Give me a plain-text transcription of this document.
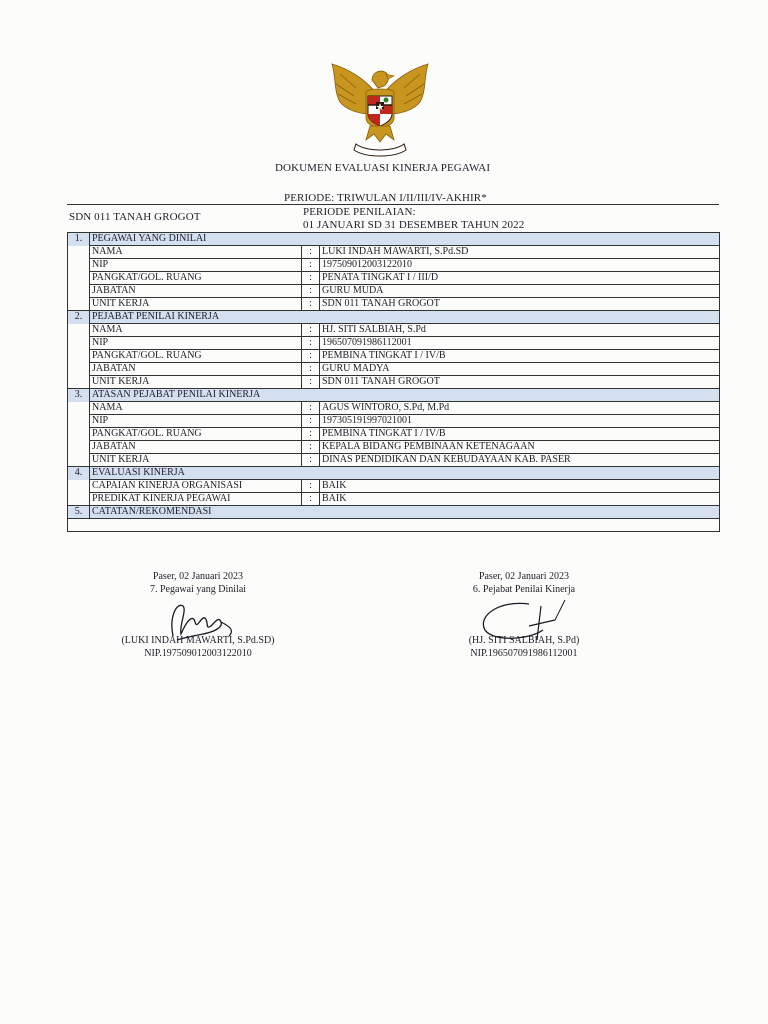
DOKUMEN EVALUASI KINERJA PEGAWAI
PERIODE: TRIWULAN I/II/III/IV-AKHIR*
SDN 011 TANAH GROGOT	PERIODE PENILAIAN:
01 JANUARI SD 31 DESEMBER TAHUN 2022
1.	PEGAWAI YANG DINILAI		
	NAMA	:	LUKI INDAH MAWARTI, S.Pd.SD
	NIP	:	197509012003122010
	PANGKAT/GOL. RUANG	:	PENATA TINGKAT I / III/D
	JABATAN	:	GURU MUDA
	UNIT KERJA	:	SDN 011 TANAH GROGOT
2.	PEJABAT PENILAI KINERJA		
	NAMA	:	HJ. SITI SALBIAH, S.Pd
	NIP	:	196507091986112001
	PANGKAT/GOL. RUANG	:	PEMBINA TINGKAT I / IV/B
	JABATAN	:	GURU MADYA
	UNIT KERJA	:	SDN 011 TANAH GROGOT
3.	ATASAN PEJABAT PENILAI KINERJA		
	NAMA	:	AGUS WINTORO, S.Pd, M.Pd
	NIP	:	197305191997021001
	PANGKAT/GOL. RUANG	:	PEMBINA TINGKAT I / IV/B
	JABATAN	:	KEPALA BIDANG PEMBINAAN KETENAGAAN
	UNIT KERJA	:	DINAS PENDIDIKAN DAN KEBUDAYAAN KAB. PASER
4.	EVALUASI KINERJA		
	CAPAIAN KINERJA ORGANISASI	:	BAIK
	PREDIKAT KINERJA PEGAWAI	:	BAIK
5.	CATATAN/REKOMENDASI		

Paser, 02 Januari 2023
7. Pegawai yang Dinilai
(LUKI INDAH MAWARTI, S.Pd.SD)
NIP.197509012003122010
Paser, 02 Januari 2023
6. Pejabat Penilai Kinerja
(HJ. SITI SALBIAH, S.Pd)
NIP.196507091986112001
